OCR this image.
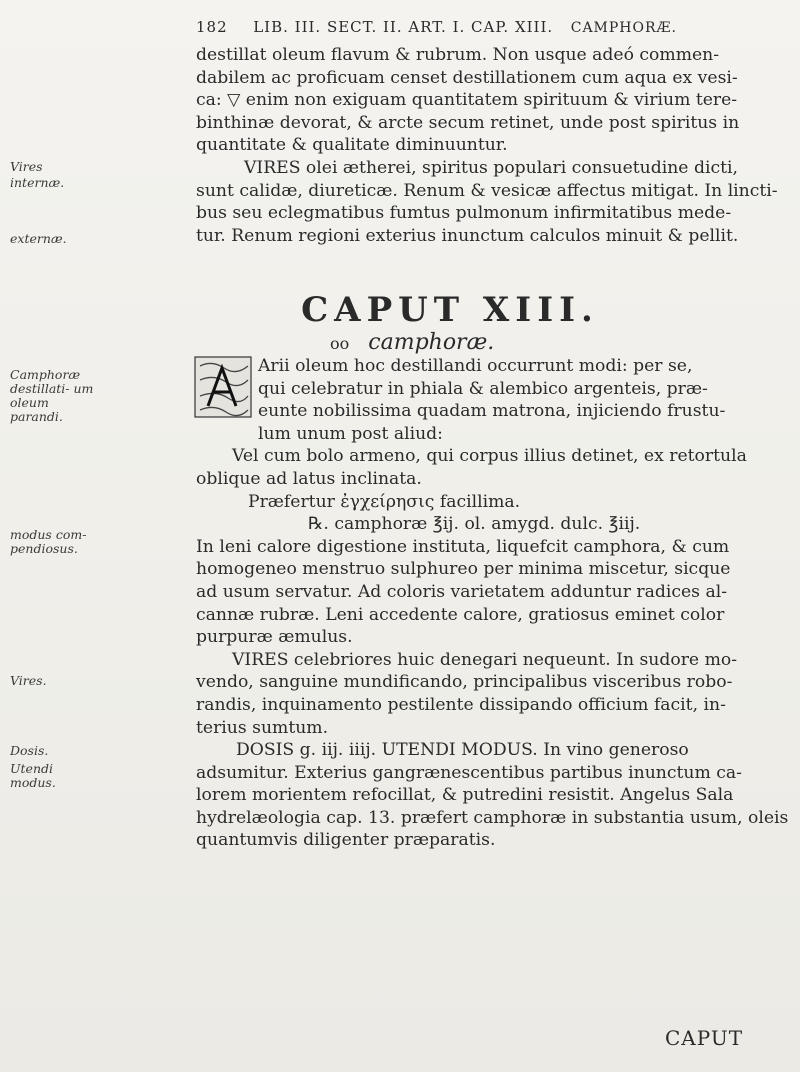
182 LIB. III. SECT. II. ART. I. CAP. XIII. CAMPHORÆ.

destillat oleum flavum & rubrum. Non usque adeó commen-

dabilem ac proficuam censet destillationem cum aqua ex vesi-

ca: ▽ enim non exiguam quantitatem spirituum & virium tere-

binthinæ devorat, & arcte secum retinet, unde post spiritus in

quantitate & qualitate diminuuntur.

VIRES olei ætherei, spiritus populari consuetudine dicti,

sunt calidæ, diureticæ. Renum & vesicæ affectus mitigat. In lincti-

bus seu eclegmatibus fumtus pulmonum infirmitatibus mede-

tur. Renum regioni exterius inunctum calculos minuit & pellit.

Vires
internæ.
externæ.
CAPUT XIII.
oo camphoræ.
Camphoræ destillati- um oleum parandi.

Arii oleum hoc destillandi occurrunt modi: per se,

qui celebratur in phiala & alembico argenteis, præ-

eunte nobilissima quadam matrona, injiciendo frustu-

lum unum post aliud:

Vel cum bolo armeno, qui corpus illius detinet, ex retortula

oblique ad latus inclinata.

Præfertur ἐγχείρησις facillima.

℞. camphoræ ℥ij. ol. amygd. dulc. ℥iij.

In leni calore digestione instituta, liquefcit camphora, & cum

homogeneo menstruo sulphureo per minima miscetur, sicque

ad usum servatur. Ad coloris varietatem adduntur radices al-

cannæ rubræ. Leni accedente calore, gratiosus eminet color

purpuræ æmulus.

VIRES celebriores huic denegari nequeunt. In sudore mo-

vendo, sanguine mundificando, principalibus visceribus robo-

randis, inquinamento pestilente dissipando officium facit, in-

terius sumtum.

DOSIS g. iij. iiij. UTENDI MODUS. In vino generoso

adsumitur. Exterius gangrænescentibus partibus inunctum ca-

lorem morientem refocillat, & putredini resistit. Angelus Sala

hydrelæologia cap. 13. præfert camphoræ in substantia usum, oleis

quantumvis diligenter præparatis.

modus com- pendiosus.
Vires.
Dosis.
Utendi modus.
CAPUT
